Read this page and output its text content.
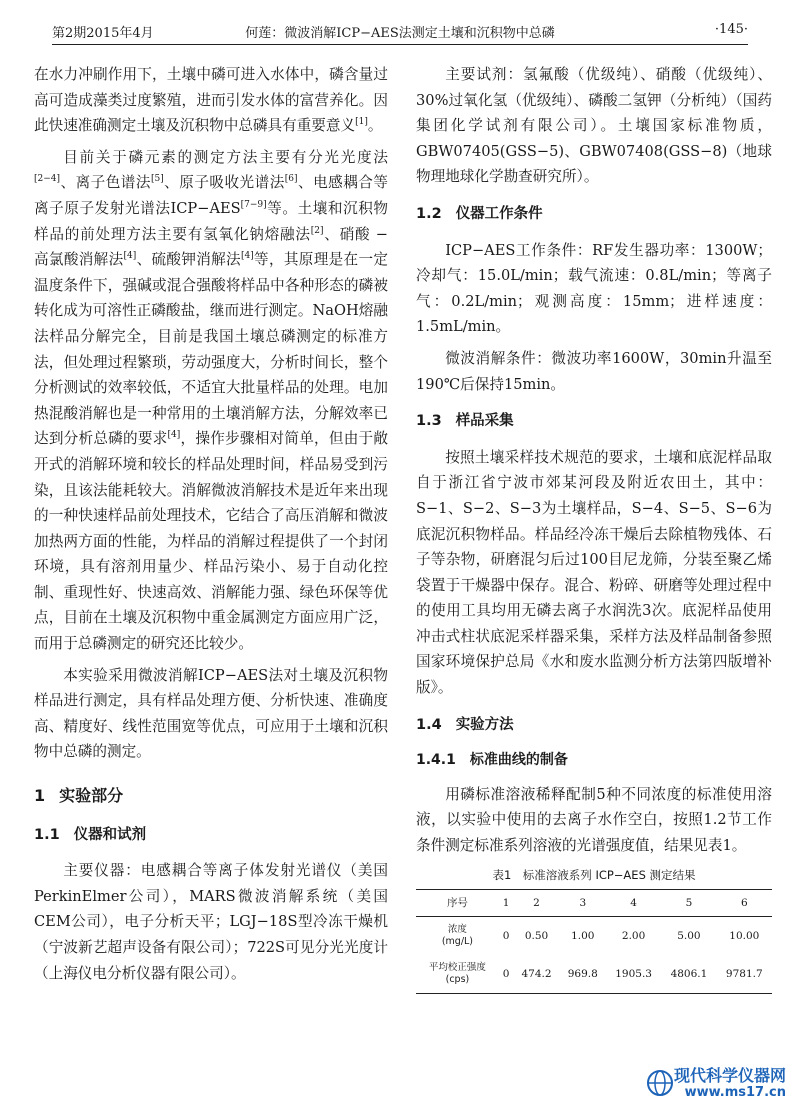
第2期2015年4月	何莲：微波消解ICP−AES法测定土壤和沉积物中总磷	·145·

在水力冲刷作用下，土壤中磷可进入水体中，磷含量过高可造成藻类过度繁殖，进而引发水体的富营养化。因此快速准确测定土壤及沉积物中总磷具有重要意义[1]。

目前关于磷元素的测定方法主要有分光光度法[2−4]、离子色谱法[5]、原子吸收光谱法[6]、电感耦合等离子原子发射光谱法ICP−AES[7−9]等。土壤和沉积物样品的前处理方法主要有氢氧化钠熔融法[2]、硝酸 − 高氯酸消解法[4]、硫酸钾消解法[4]等，其原理是在一定温度条件下，强碱或混合强酸将样品中各种形态的磷被转化成为可溶性正磷酸盐，继而进行测定。NaOH熔融法样品分解完全，目前是我国土壤总磷测定的标准方法，但处理过程繁琐，劳动强度大，分析时间长，整个分析测试的效率较低，不适宜大批量样品的处理。电加热混酸消解也是一种常用的土壤消解方法，分解效率已达到分析总磷的要求[4]，操作步骤相对简单，但由于敞开式的消解环境和较长的样品处理时间，样品易受到污染，且该法能耗较大。消解微波消解技术是近年来出现的一种快速样品前处理技术，它结合了高压消解和微波加热两方面的性能，为样品的消解过程提供了一个封闭环境，具有溶剂用量少、样品污染小、易于自动化控制、重现性好、快速高效、消解能力强、绿色环保等优点，目前在土壤及沉积物中重金属测定方面应用广泛，而用于总磷测定的研究还比较少。

本实验采用微波消解ICP−AES法对土壤及沉积物样品进行测定，具有样品处理方便、分析快速、准确度高、精度好、线性范围宽等优点，可应用于土壤和沉积物中总磷的测定。

1 实验部分
1.1 仪器和试剂

主要仪器：电感耦合等离子体发射光谱仪（美国PerkinElmer公司），MARS微波消解系统（美国CEM公司），电子分析天平；LGJ−18S型冷冻干燥机（宁波新艺超声设备有限公司）；722S可见分光光度计（上海仪电分析仪器有限公司）。

主要试剂：氢氟酸（优级纯）、硝酸（优级纯）、30%过氧化氢（优级纯）、磷酸二氢钾（分析纯）（国药集团化学试剂有限公司）。土壤国家标准物质，GBW07405(GSS−5)、GBW07408(GSS−8)（地球物理地球化学勘查研究所）。

1.2 仪器工作条件

ICP−AES工作条件：RF发生器功率：1300W；冷却气：15.0L/min；载气流速：0.8L/min；等离子气：0.2L/min；观测高度：15mm；进样速度：1.5mL/min。

微波消解条件：微波功率1600W，30min升温至190℃后保持15min。

1.3 样品采集

按照土壤采样技术规范的要求，土壤和底泥样品取自于浙江省宁波市郊某河段及附近农田土，其中：S−1、S−2、S−3为土壤样品，S−4、S−5、S−6为底泥沉积物样品。样品经冷冻干燥后去除植物残体、石子等杂物，研磨混匀后过100目尼龙筛，分装至聚乙烯袋置于干燥器中保存。混合、粉碎、研磨等处理过程中的使用工具均用无磷去离子水润洗3次。底泥样品使用冲击式柱状底泥采样器采集，采样方法及样品制备参照国家环境保护总局《水和废水监测分析方法第四版增补版》。

1.4 实验方法
1.4.1 标准曲线的制备

用磷标准溶液稀释配制5种不同浓度的标准使用溶液，以实验中使用的去离子水作空白，按照1.2节工作条件测定标准系列溶液的光谱强度值，结果见表1。

表1　标准溶液系列 ICP−AES 测定结果
序号	1	2	3	4	5	6
浓度
(mg/L)	0	0.50	1.00	2.00	5.00	10.00
平均校正强度
(cps)	0	474.2	969.8	1905.3	4806.1	9781.7
现代科学仪器网
www.ms17.cn
